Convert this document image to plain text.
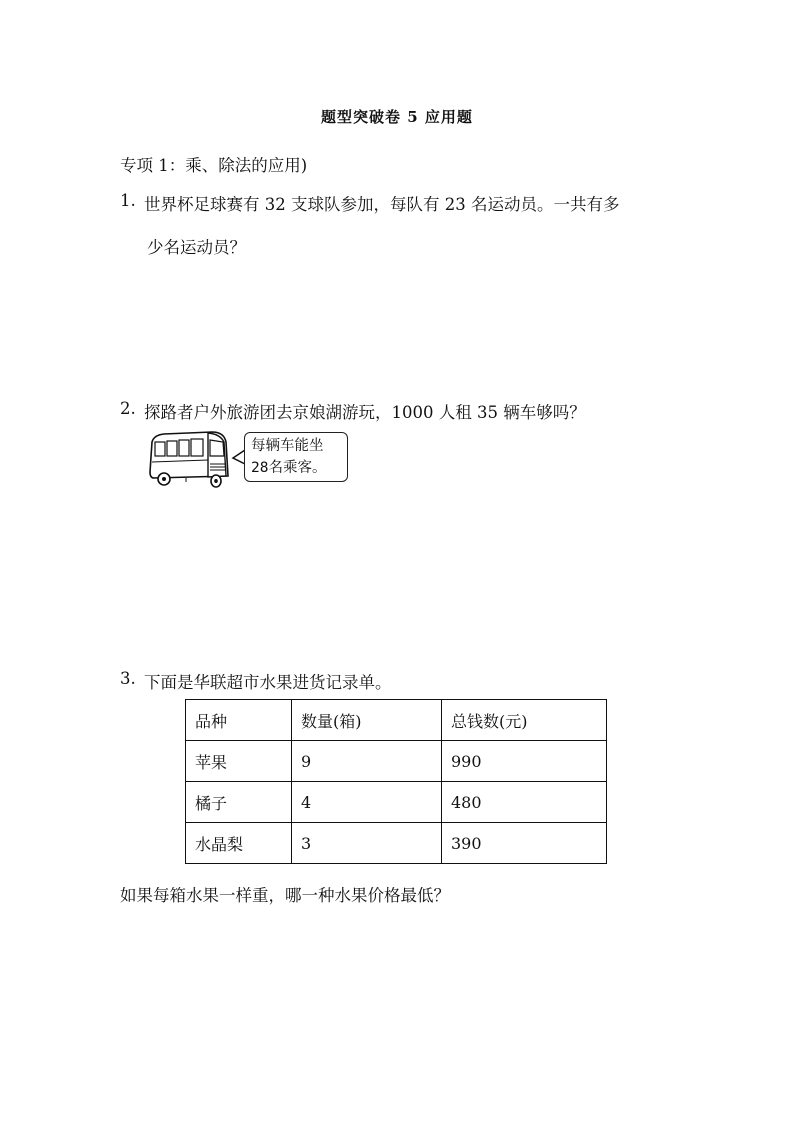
题型突破卷 5 应用题
专项 1：乘、除法的应用)
1. 世界杯足球赛有 32 支球队参加，每队有 23 名运动员。一共有多
少名运动员？
2. 探路者户外旅游团去京娘湖游玩，1000 人租 35 辆车够吗？
每辆车能坐
28名乘客。
3. 下面是华联超市水果进货记录单。
品种	数量(箱)	总钱数(元)
苹果	9	990
橘子	4	480
水晶梨	3	390
如果每箱水果一样重，哪一种水果价格最低？
